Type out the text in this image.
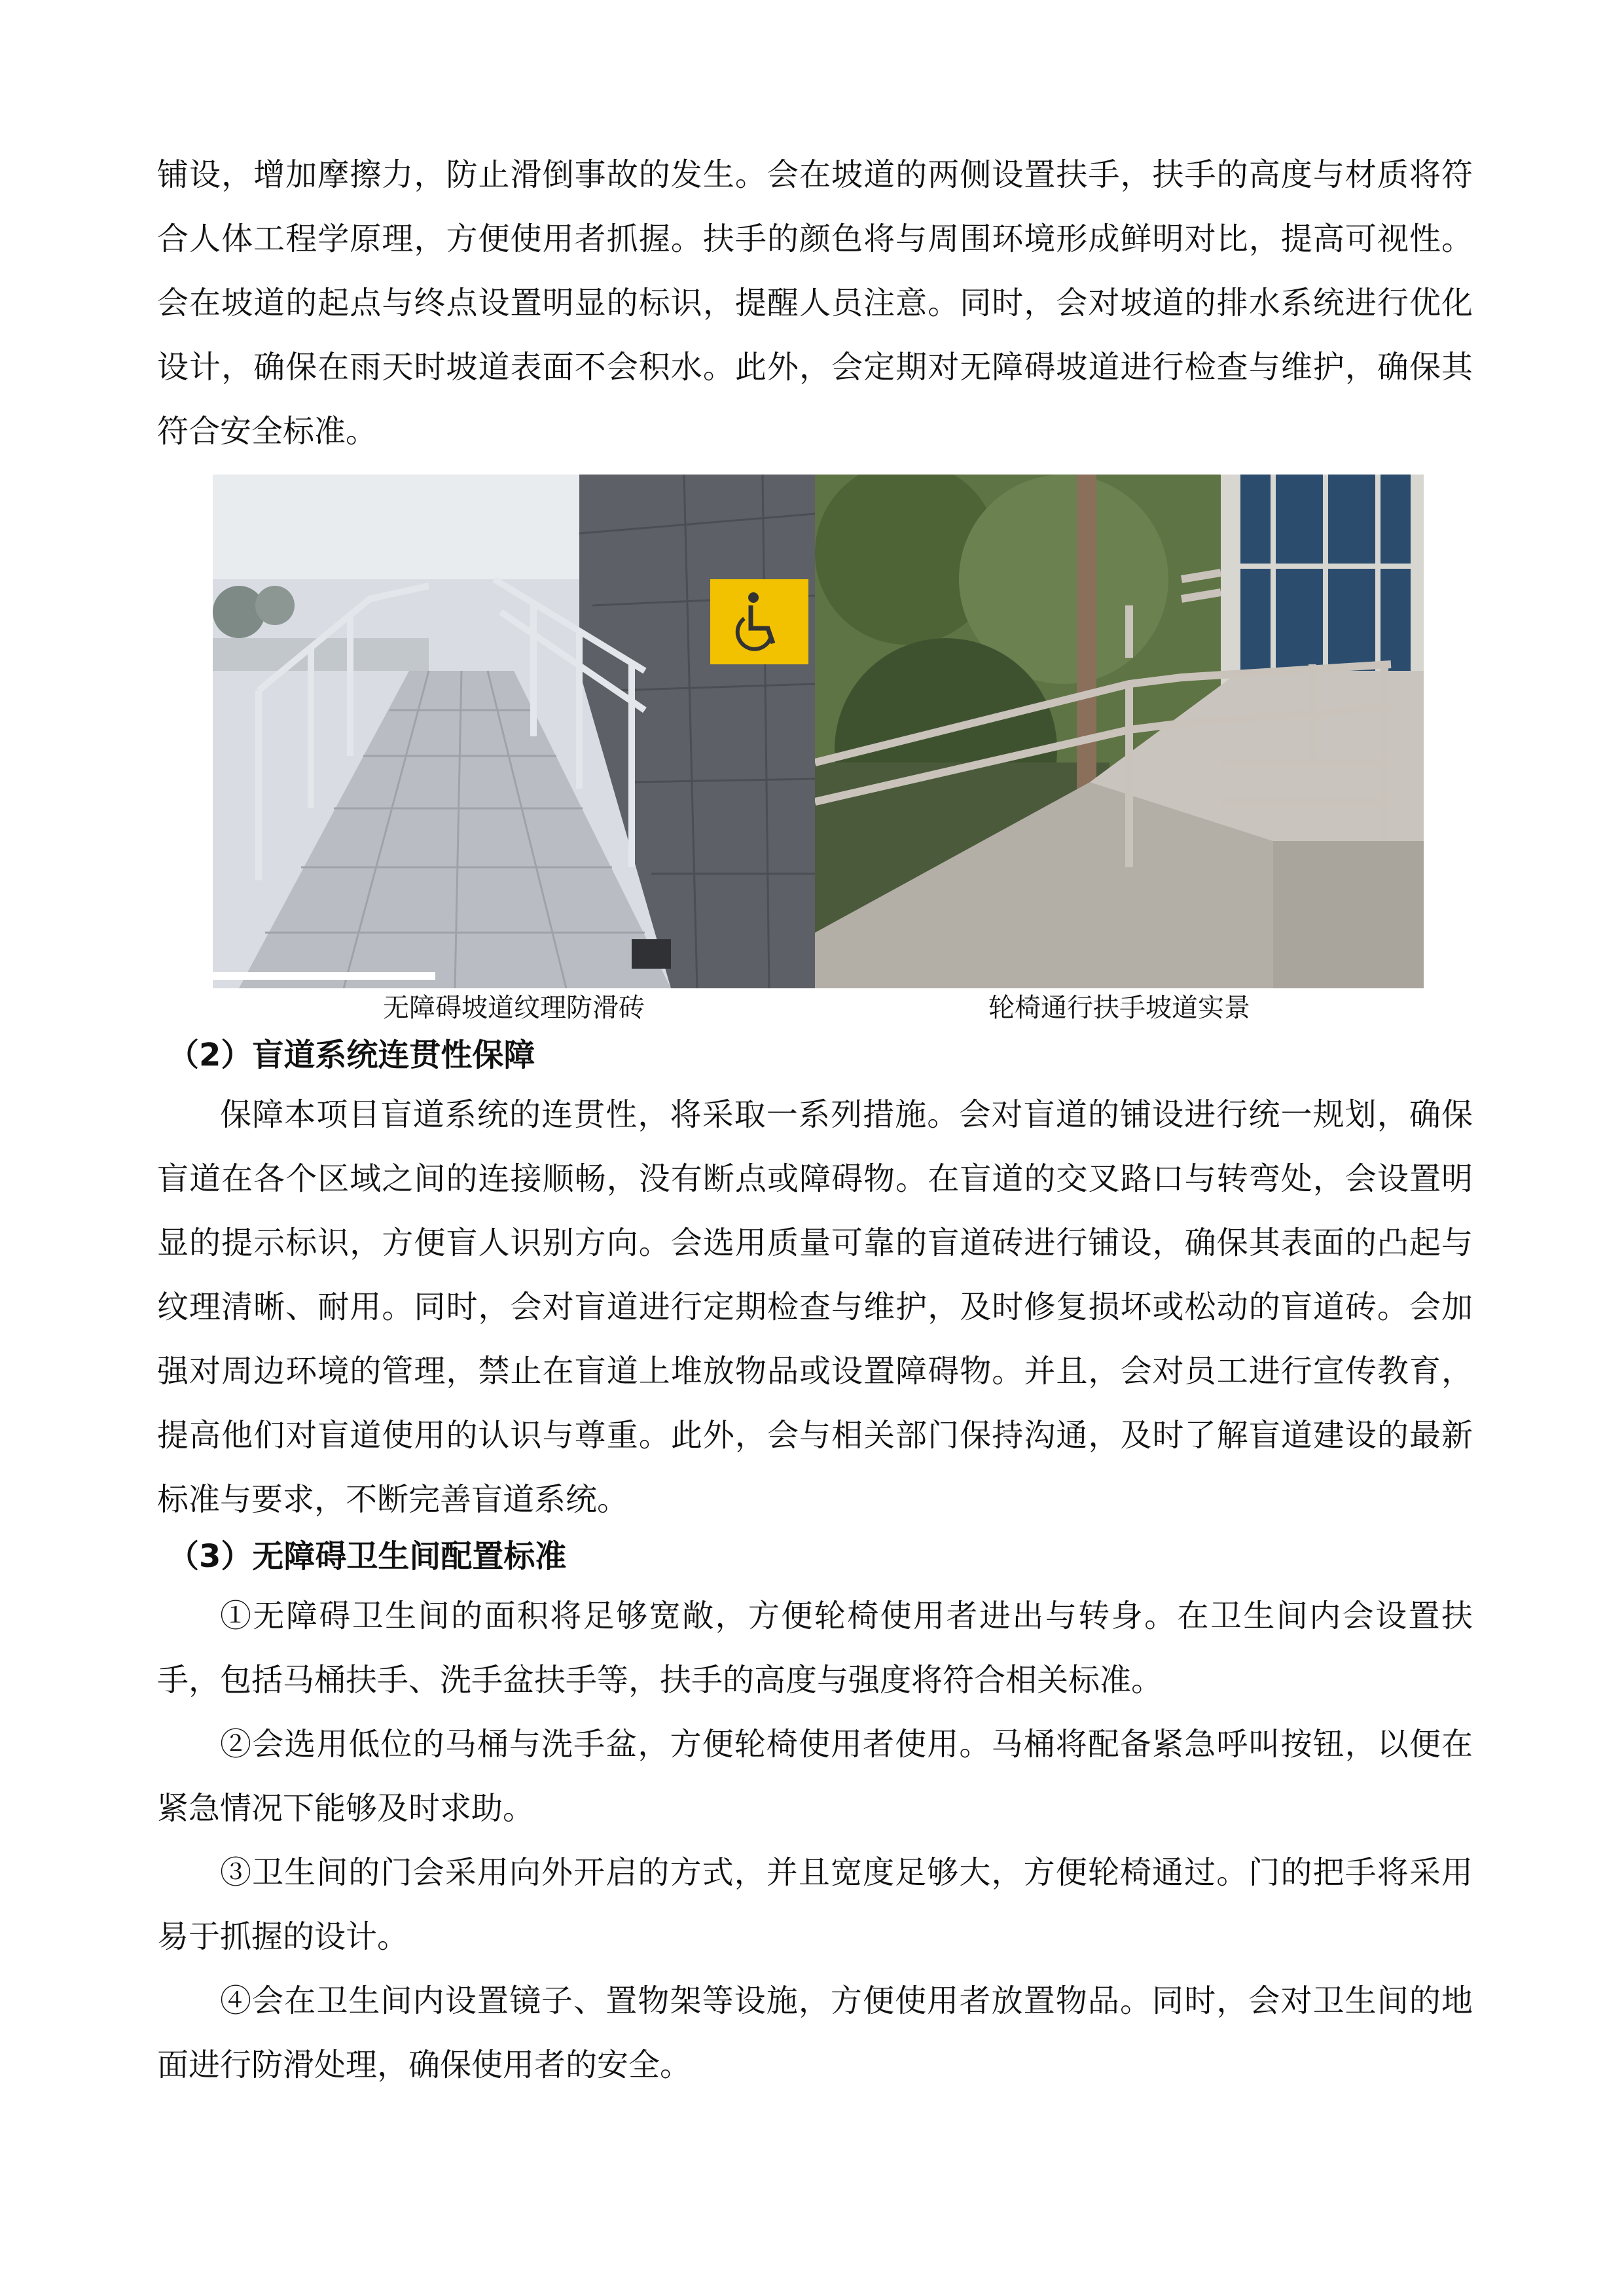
铺设，增加摩擦力，防止滑倒事故的发生。会在坡道的两侧设置扶手，扶手的高度与材质将符合人体工程学原理，方便使用者抓握。扶手的颜色将与周围环境形成鲜明对比，提高可视性。会在坡道的起点与终点设置明显的标识，提醒人员注意。同时，会对坡道的排水系统进行优化设计，确保在雨天时坡道表面不会积水。此外，会定期对无障碍坡道进行检查与维护，确保其符合安全标准。
无障碍坡道纹理防滑砖	轮椅通行扶手坡道实景
（2）盲道系统连贯性保障
保障本项目盲道系统的连贯性，将采取一系列措施。会对盲道的铺设进行统一规划，确保盲道在各个区域之间的连接顺畅，没有断点或障碍物。在盲道的交叉路口与转弯处，会设置明显的提示标识，方便盲人识别方向。会选用质量可靠的盲道砖进行铺设，确保其表面的凸起与纹理清晰、耐用。同时，会对盲道进行定期检查与维护，及时修复损坏或松动的盲道砖。会加强对周边环境的管理，禁止在盲道上堆放物品或设置障碍物。并且，会对员工进行宣传教育，提高他们对盲道使用的认识与尊重。此外，会与相关部门保持沟通，及时了解盲道建设的最新标准与要求，不断完善盲道系统。
（3）无障碍卫生间配置标准
①无障碍卫生间的面积将足够宽敞，方便轮椅使用者进出与转身。在卫生间内会设置扶手，包括马桶扶手、洗手盆扶手等，扶手的高度与强度将符合相关标准。
②会选用低位的马桶与洗手盆，方便轮椅使用者使用。马桶将配备紧急呼叫按钮，以便在紧急情况下能够及时求助。
③卫生间的门会采用向外开启的方式，并且宽度足够大，方便轮椅通过。门的把手将采用易于抓握的设计。
④会在卫生间内设置镜子、置物架等设施，方便使用者放置物品。同时，会对卫生间的地面进行防滑处理，确保使用者的安全。
